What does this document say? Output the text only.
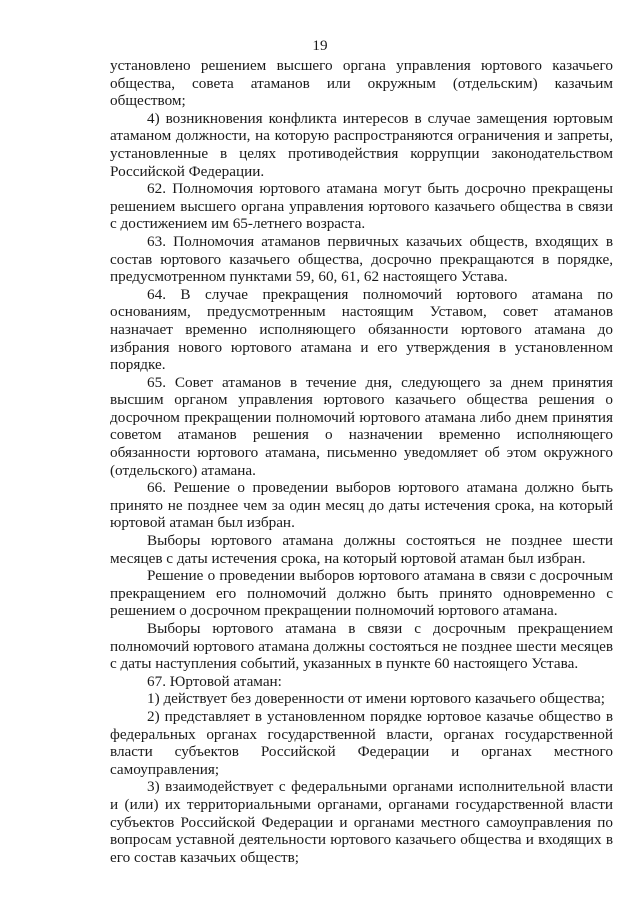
19

установлено решением высшего органа управления юртового казачьего общества, совета атаманов или окружным (отдельским) казачьим обществом;

4) возникновения конфликта интересов в случае замещения юртовым атаманом должности, на которую распространяются ограничения и запреты, установленные в целях противодействия коррупции законодательством Российской Федерации.

62. Полномочия юртового атамана могут быть досрочно прекращены решением высшего органа управления юртового казачьего общества в связи с достижением им 65-летнего возраста.

63. Полномочия атаманов первичных казачьих обществ, входящих в состав юртового казачьего общества, досрочно прекращаются в порядке, предусмотренном пунктами 59, 60, 61, 62 настоящего Устава.

64. В случае прекращения полномочий юртового атамана по основаниям, предусмотренным настоящим Уставом, совет атаманов назначает временно исполняющего обязанности юртового атамана до избрания нового юртового атамана и его утверждения в установленном порядке.

65. Совет атаманов в течение дня, следующего за днем принятия высшим органом управления юртового казачьего общества решения о досрочном прекращении полномочий юртового атамана либо днем принятия советом атаманов решения о назначении временно исполняющего обязанности юртового атамана, письменно уведомляет об этом окружного (отдельского) атамана.

66. Решение о проведении выборов юртового атамана должно быть принято не позднее чем за один месяц до даты истечения срока, на который юртовой атаман был избран.

Выборы юртового атамана должны состояться не позднее шести месяцев с даты истечения срока, на который юртовой атаман был избран.

Решение о проведении выборов юртового атамана в связи с досрочным прекращением его полномочий должно быть принято одновременно с решением о досрочном прекращении полномочий юртового атамана.

Выборы юртового атамана в связи с досрочным прекращением полномочий юртового атамана должны состояться не позднее шести месяцев с даты наступления событий, указанных в пункте 60 настоящего Устава.

67. Юртовой атаман:

1) действует без доверенности от имени юртового казачьего общества;

2) представляет в установленном порядке юртовое казачье общество в федеральных органах государственной власти, органах государственной власти субъектов Российской Федерации и органах местного самоуправления;

3) взаимодействует с федеральными органами исполнительной власти и (или) их территориальными органами, органами государственной власти субъектов Российской Федерации и органами местного самоуправления по вопросам уставной деятельности юртового казачьего общества и входящих в его состав казачьих обществ;
